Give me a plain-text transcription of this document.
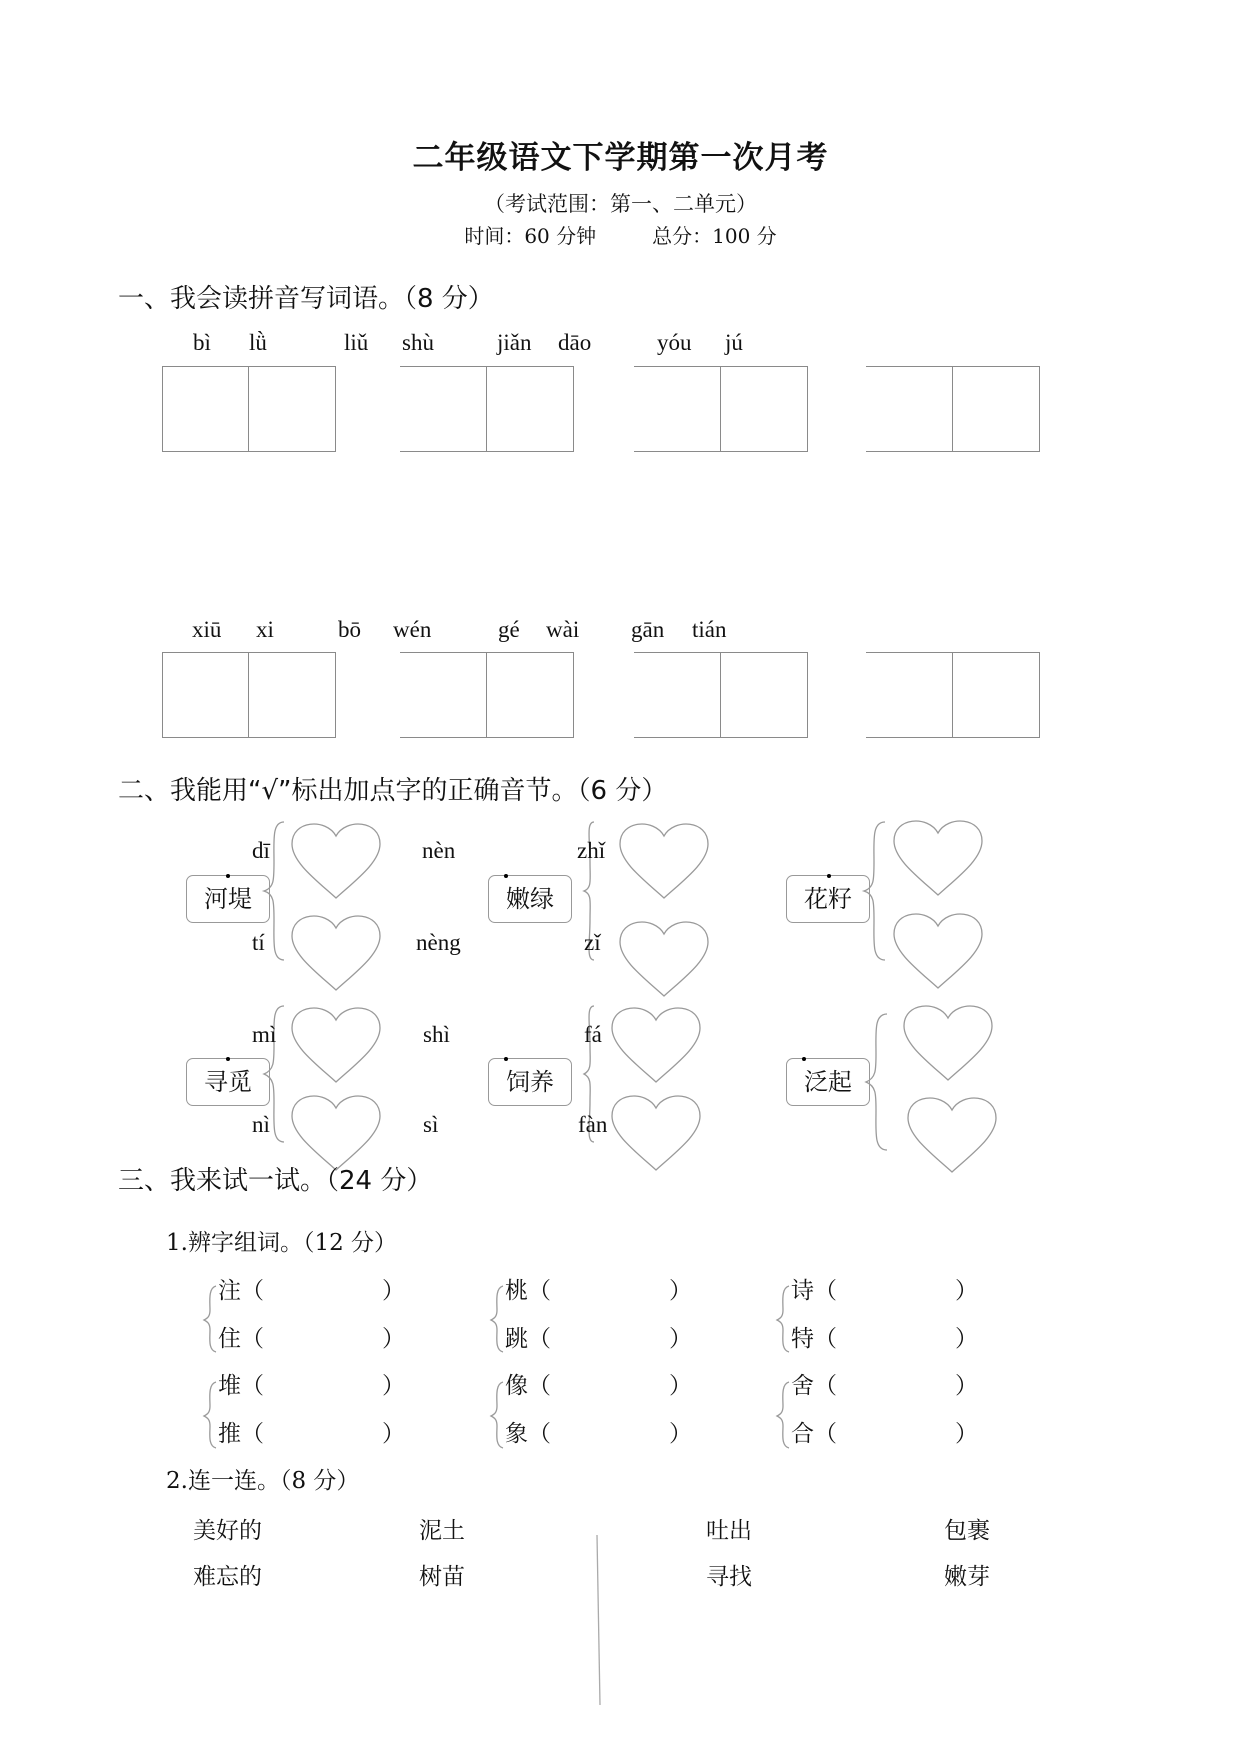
二年级语文下学期第一次月考
（考试范围：第一、二单元）
时间：60 分钟	总分：100 分
一、我会读拼音写词语。（8 分）
bì lǜ	liǔ shù	jiǎn dāo	yóu jú
xiū xi	bō wén	gé wài gān tián
二、我能用“√”标出加点字的正确音节。（6 分）
dī
tí
nèn
nèng
zhǐ
zǐ
mì
nì
shì
sì
fá
fàn
河堤	嫩绿	花籽
寻觅	饲养	泛起
三、我来试一试。（24 分）
1.辨字组词。（12 分）
注（	）	桃（	）	诗（	）
住（	）	跳（	）	特（	）
堆（	）	像（	）	舍（	）
推（	）	象（	）	合（	）
2.连一连。（8 分）
美好的	泥土	吐出	包裹
难忘的	树苗	寻找	嫩芽
